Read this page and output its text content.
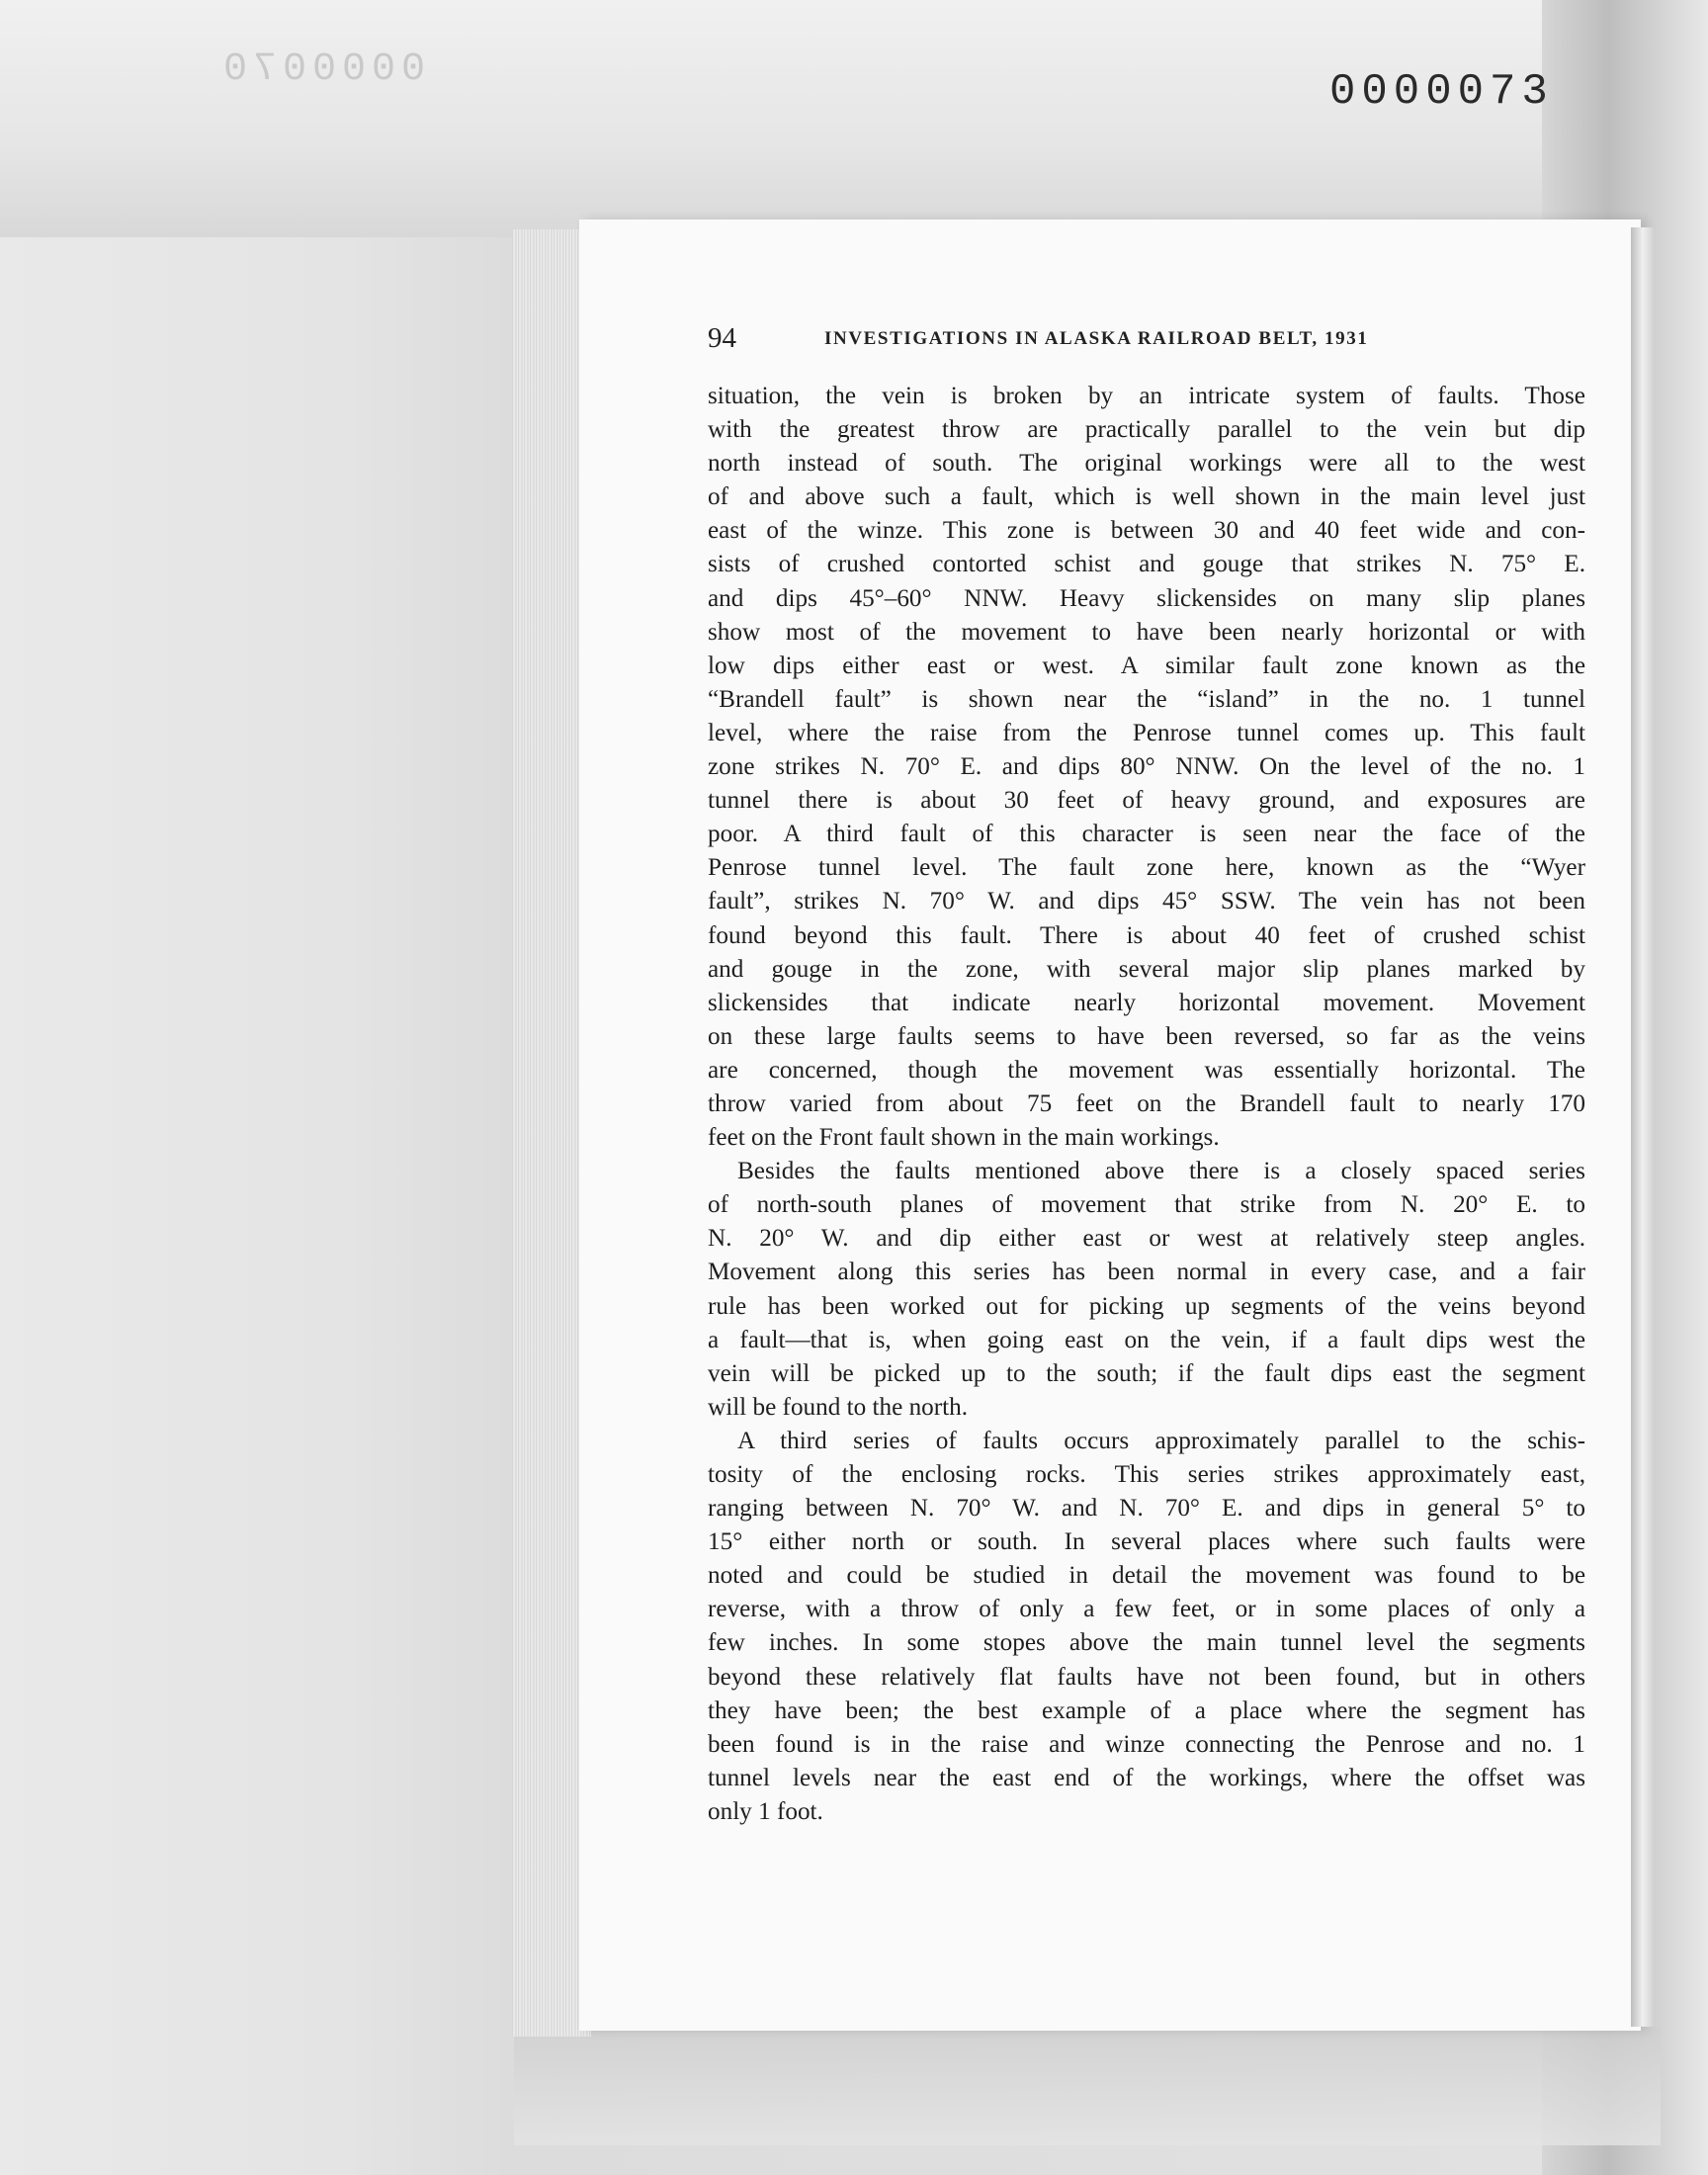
0000070	0000073
94	INVESTIGATIONS IN ALASKA RAILROAD BELT, 1931

situation, the vein is broken by an intricate system of faults. Those
with the greatest throw are practically parallel to the vein but dip
north instead of south. The original workings were all to the west
of and above such a fault, which is well shown in the main level just
east of the winze. This zone is between 30 and 40 feet wide and con-
sists of crushed contorted schist and gouge that strikes N. 75° E.
and dips 45°–60° NNW. Heavy slickensides on many slip planes
show most of the movement to have been nearly horizontal or with
low dips either east or west. A similar fault zone known as the
“Brandell fault” is shown near the “island” in the no. 1 tunnel
level, where the raise from the Penrose tunnel comes up. This fault
zone strikes N. 70° E. and dips 80° NNW. On the level of the no. 1
tunnel there is about 30 feet of heavy ground, and exposures are
poor. A third fault of this character is seen near the face of the
Penrose tunnel level. The fault zone here, known as the “Wyer
fault”, strikes N. 70° W. and dips 45° SSW. The vein has not been
found beyond this fault. There is about 40 feet of crushed schist
and gouge in the zone, with several major slip planes marked by
slickensides that indicate nearly horizontal movement. Movement
on these large faults seems to have been reversed, so far as the veins
are concerned, though the movement was essentially horizontal. The
throw varied from about 75 feet on the Brandell fault to nearly 170
feet on the Front fault shown in the main workings.

Besides the faults mentioned above there is a closely spaced series
of north-south planes of movement that strike from N. 20° E. to
N. 20° W. and dip either east or west at relatively steep angles.
Movement along this series has been normal in every case, and a fair
rule has been worked out for picking up segments of the veins beyond
a fault—that is, when going east on the vein, if a fault dips west the
vein will be picked up to the south; if the fault dips east the segment
will be found to the north.

A third series of faults occurs approximately parallel to the schis-
tosity of the enclosing rocks. This series strikes approximately east,
ranging between N. 70° W. and N. 70° E. and dips in general 5° to
15° either north or south. In several places where such faults were
noted and could be studied in detail the movement was found to be
reverse, with a throw of only a few feet, or in some places of only a
few inches. In some stopes above the main tunnel level the segments
beyond these relatively flat faults have not been found, but in others
they have been; the best example of a place where the segment has
been found is in the raise and winze connecting the Penrose and no. 1
tunnel levels near the east end of the workings, where the offset was
only 1 foot.
